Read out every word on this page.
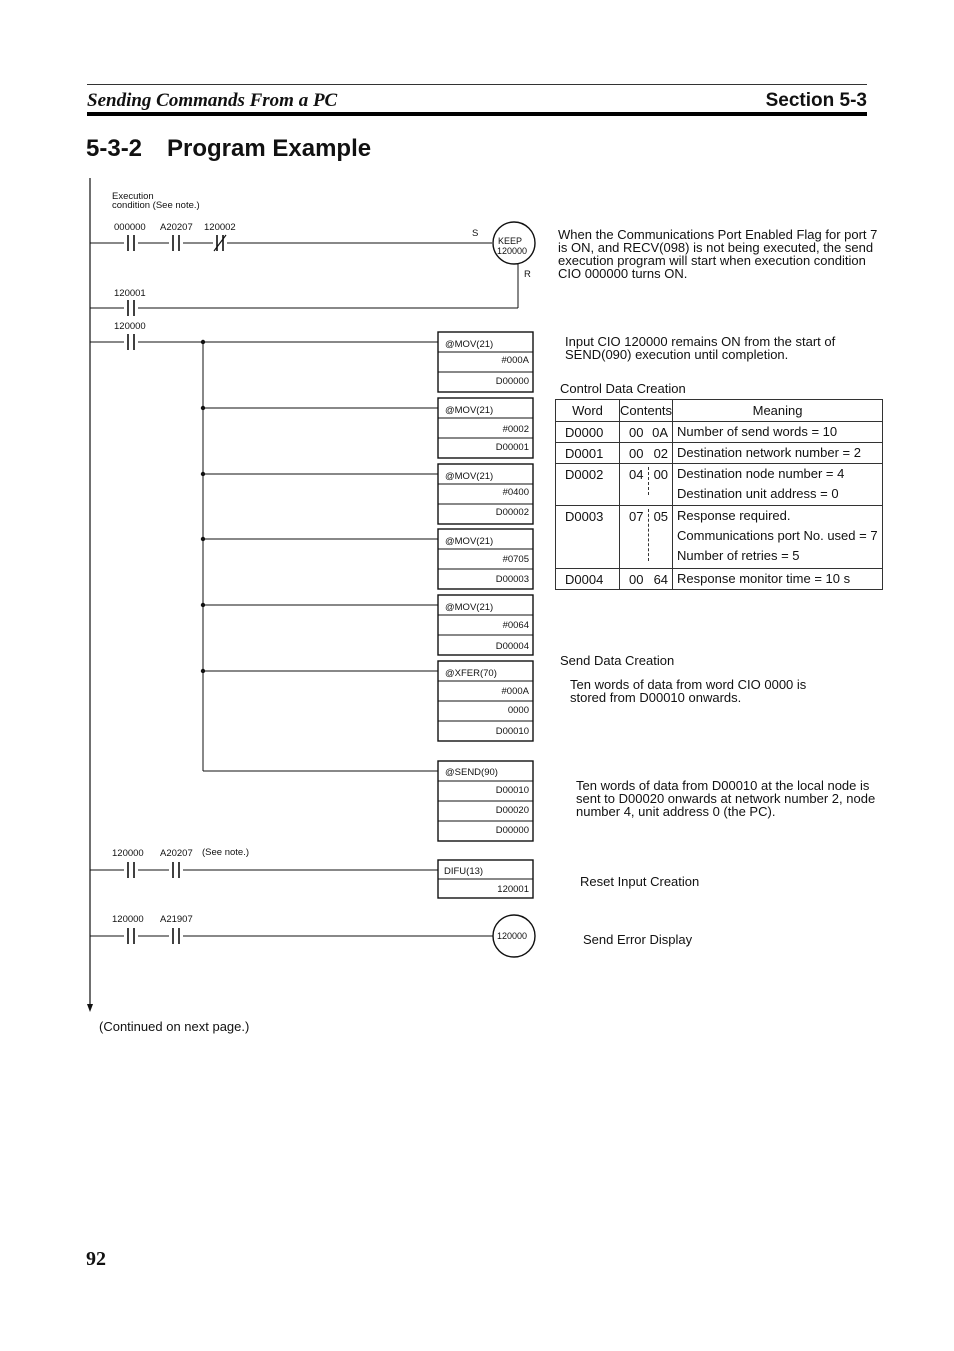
Sending Commands From a PC	Section 5-3
5-3-2 Program Example
Execution
condition (See note.)
000000 A20207 120002
S
KEEP
120000
R
120001
120000
@MOV(21)
#000A
D00000
@MOV(21)
#0002
D00001
@MOV(21)
#0400
D00002
@MOV(21)
#0705
D00003
@MOV(21)
#0064
D00004
@XFER(70)
#000A
0000
D00010
@SEND(90)
D00010
D00020
D00000
120000 A20207 (See note.)
DIFU(13)
120001
120000 A21907
120000
(Continued on next page.)
When the Communications Port Enabled Flag for port 7
is ON, and RECV(098) is not being executed, the send
execution program will start when execution condition
CIO 000000 turns ON.
Input CIO 120000 remains ON from the start of
SEND(090) execution until completion.
Control Data Creation
Word	Contents	Meaning
D0000	00 0A	Number of send words = 10

D0001	00 02	Destination network number = 2

D0002	04 00	Destination node number = 4
Destination unit address = 0

D0003	07 05	Response required.
Communications port No. used = 7
Number of retries = 5

D0004	00 64	Response monitor time = 10 s
Send Data Creation
Ten words of data from word CIO 0000 is
stored from D00010 onwards.
Ten words of data from D00010 at the local node is
sent to D00020 onwards at network number 2, node
number 4, unit address 0 (the PC).
Reset Input Creation
Send Error Display
92
